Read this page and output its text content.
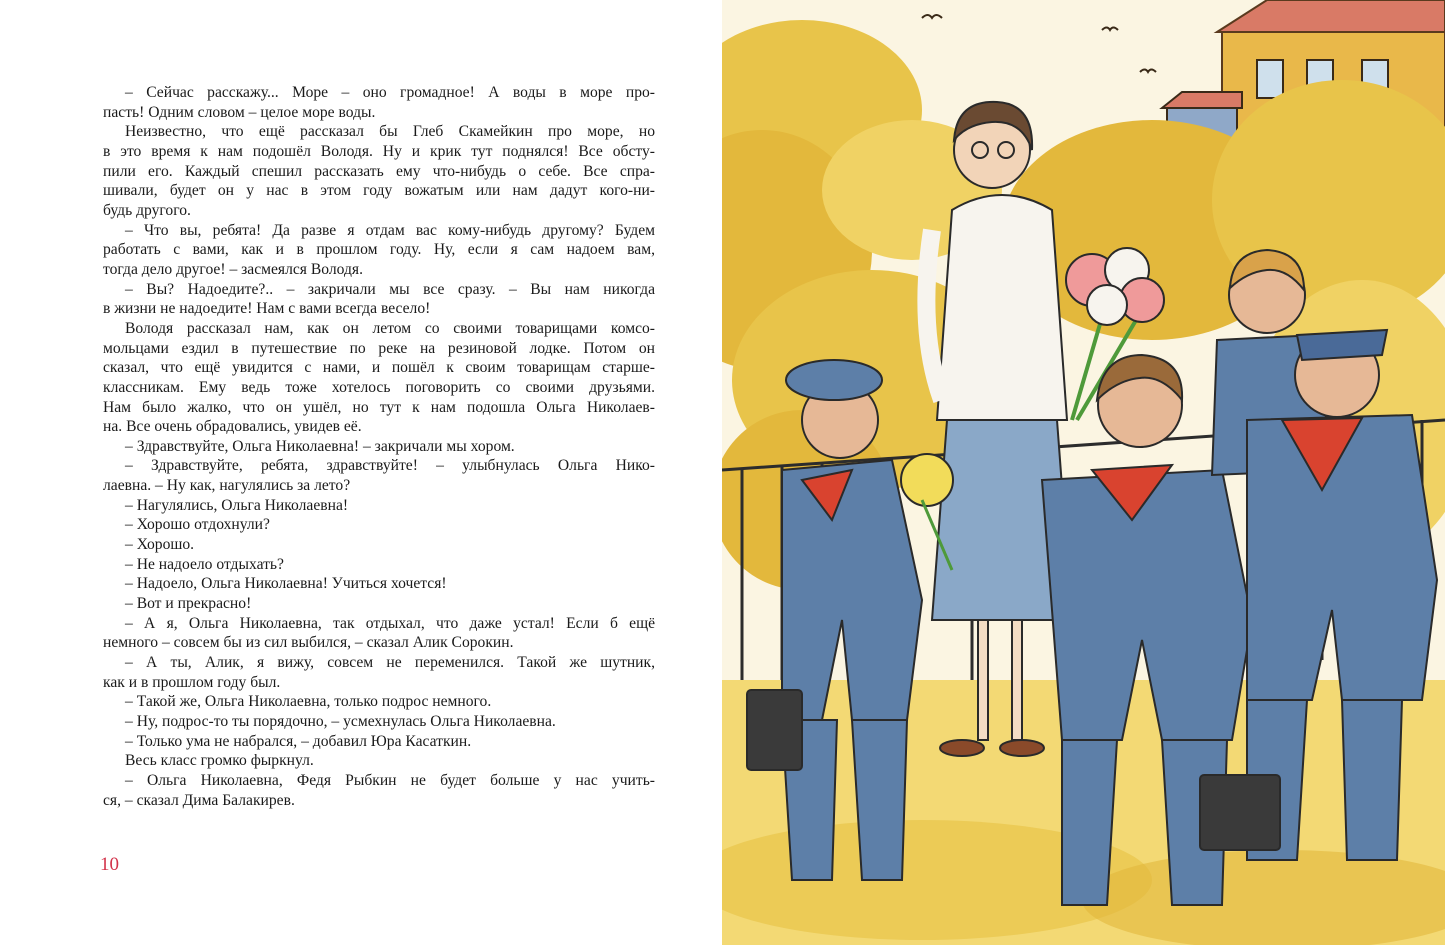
– Сейчас расскажу... Море – оно громадное! А воды в море про-
пасть! Одним словом – целое море воды.
Неизвестно, что ещё рассказал бы Глеб Скамейкин про море, но
в это время к нам подошёл Володя. Ну и крик тут поднялся! Все обсту-
пили его. Каждый спешил рассказать ему что-нибудь о себе. Все спра-
шивали, будет он у нас в этом году вожатым или нам дадут кого-ни-
будь другого.
– Что вы, ребята! Да разве я отдам вас кому-нибудь другому? Будем
работать с вами, как и в прошлом году. Ну, если я сам надоем вам,
тогда дело другое! – засмеялся Володя.
– Вы? Надоедите?.. – закричали мы все сразу. – Вы нам никогда
в жизни не надоедите! Нам с вами всегда весело!
Володя рассказал нам, как он летом со своими товарищами комсо-
мольцами ездил в путешествие по реке на резиновой лодке. Потом он
сказал, что ещё увидится с нами, и пошёл к своим товарищам старше-
классникам. Ему ведь тоже хотелось поговорить со своими друзьями.
Нам было жалко, что он ушёл, но тут к нам подошла Ольга Николаев-
на. Все очень обрадовались, увидев её.
– Здравствуйте, Ольга Николаевна! – закричали мы хором.
– Здравствуйте, ребята, здравствуйте! – улыбнулась Ольга Нико-
лаевна. – Ну как, нагулялись за лето?
– Нагулялись, Ольга Николаевна!
– Хорошо отдохнули?
– Хорошо.
– Не надоело отдыхать?
– Надоело, Ольга Николаевна! Учиться хочется!
– Вот и прекрасно!
– А я, Ольга Николаевна, так отдыхал, что даже устал! Если б ещё
немного – совсем бы из сил выбился, – сказал Алик Сорокин.
– А ты, Алик, я вижу, совсем не переменился. Такой же шутник,
как и в прошлом году был.
– Такой же, Ольга Николаевна, только подрос немного.
– Ну, подрос-то ты порядочно, – усмехнулась Ольга Николаевна.
– Только ума не набрался, – добавил Юра Касаткин.
Весь класс громко фыркнул.
– Ольга Николаевна, Федя Рыбкин не будет больше у нас учить-
ся, – сказал Дима Балакирев.
10
